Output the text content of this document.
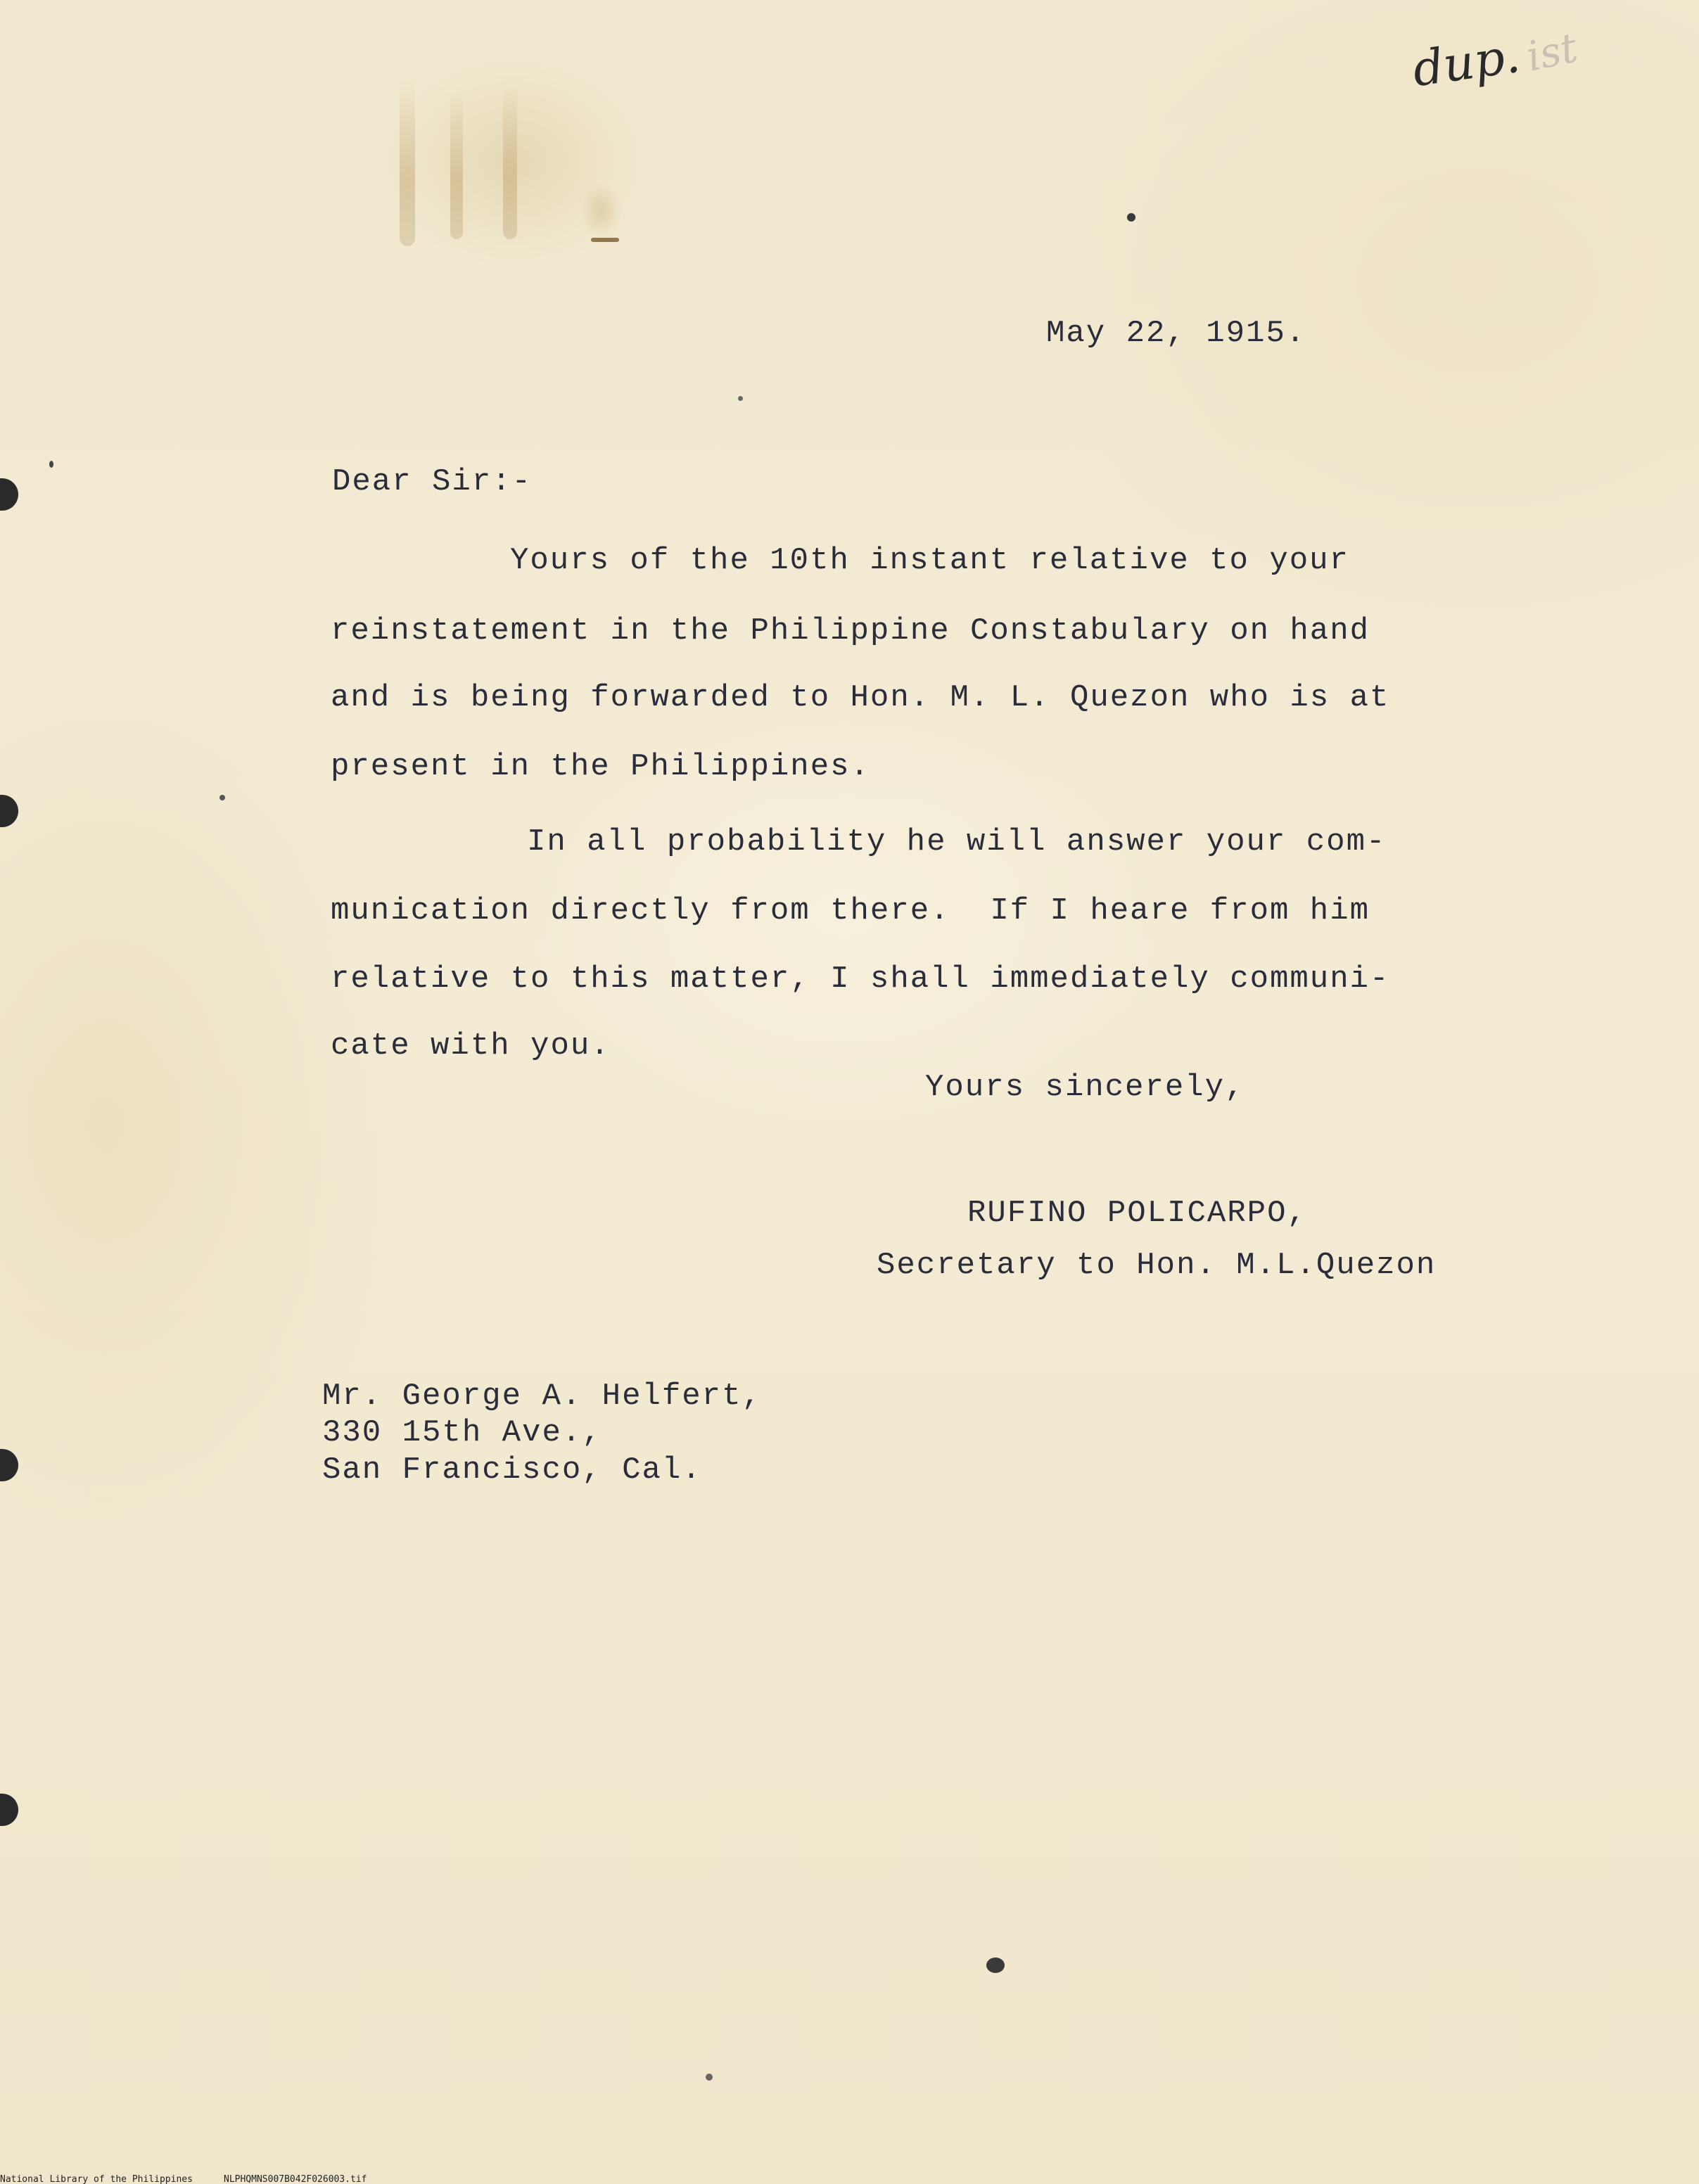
dup.
ist
May 22, 1915.
Dear Sir:-
Yours of the 10th instant relative to your
reinstatement in the Philippine Constabulary on hand
and is being forwarded to Hon. M. L. Quezon who is at
present in the Philippines.
In all probability he will answer your com-
munication directly from there.  If I heare from him
relative to this matter, I shall immediately communi-
cate with you.
Yours sincerely,
RUFINO POLICARPO,
Secretary to Hon. M.L.Quezon
Mr. George A. Helfert,
330 15th Ave.,
San Francisco, Cal.
National Library of the Philippines	NLPHQMNS007B042F026003.tif
